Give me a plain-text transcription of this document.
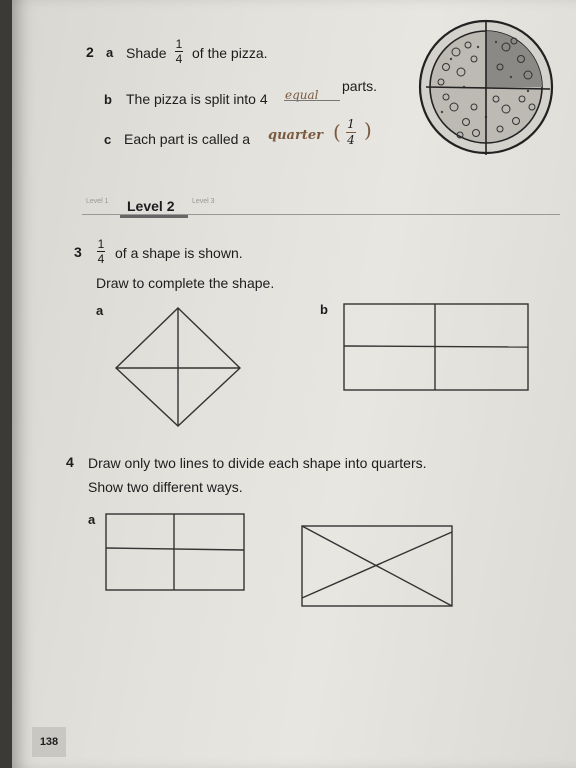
2 a Shade
1
4 of the pizza.
b The pizza is split into 4 equal
parts.
c Each part is called a quarter ( 1
4 )
Level 1 Level 2	Level 3
3 1
4 of a shape is shown.
Draw to complete the shape.
a	b
4 Draw only two lines to divide each shape into quarters.
Show two different ways.
a
138
